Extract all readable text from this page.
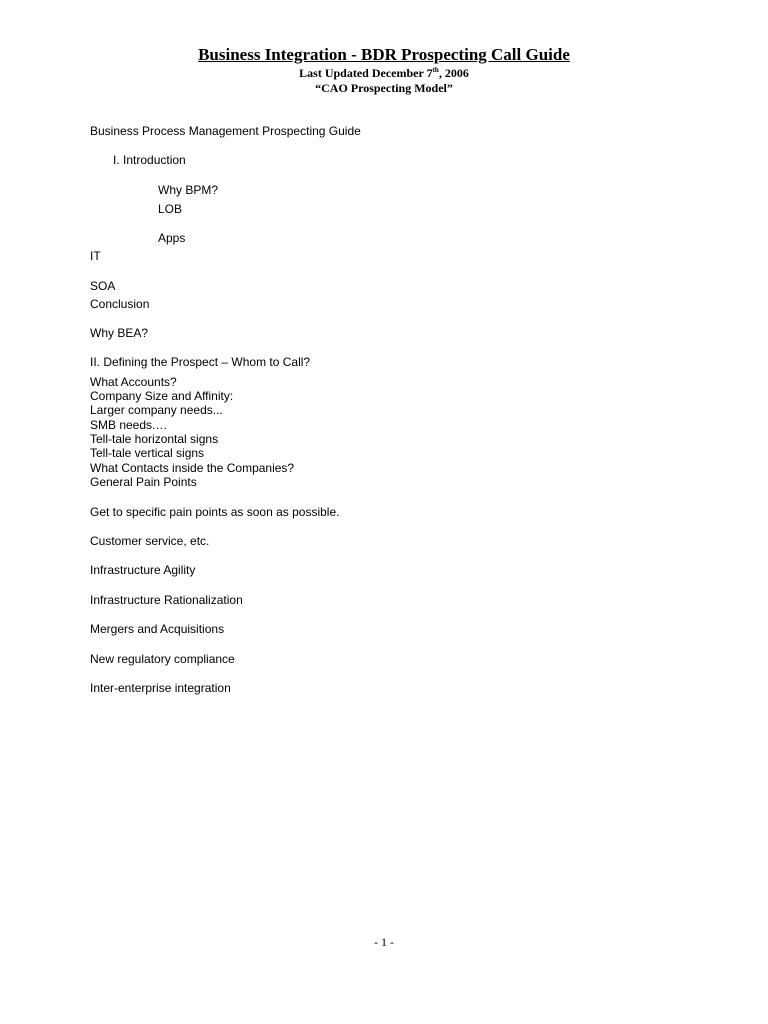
Business Integration - BDR Prospecting Call Guide
Last Updated December 7th, 2006
“CAO Prospecting Model”
Business Process Management Prospecting Guide
I. Introduction
Why BPM?
LOB
Apps
IT
SOA
Conclusion
Why BEA?
II. Defining the Prospect – Whom to Call?
What Accounts?
Company Size and Affinity:
Larger company needs...
SMB needs.…
Tell-tale horizontal signs
Tell-tale vertical signs
What Contacts inside the Companies?
General Pain Points
Get to specific pain points as soon as possible.
Customer service, etc.
Infrastructure Agility
Infrastructure Rationalization
Mergers and Acquisitions
New regulatory compliance
Inter-enterprise integration
- 1 -
